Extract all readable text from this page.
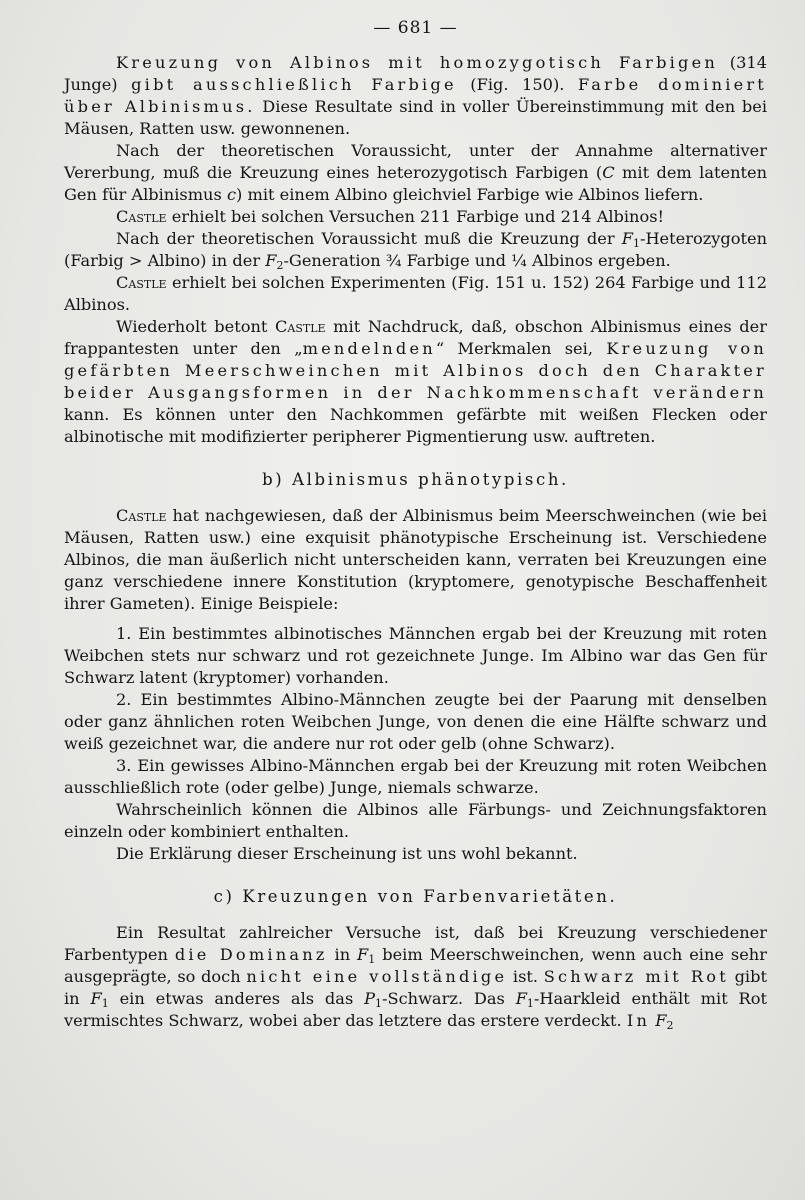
— 681 —

Kreuzung von Albinos mit homozygotisch Farbigen (314 Junge) gibt ausschließlich Farbige (Fig. 150). Farbe dominiert über Albinismus. Diese Resultate sind in voller Übereinstimmung mit den bei Mäusen, Ratten usw. gewonnenen.

Nach der theoretischen Voraussicht, unter der Annahme alternativer Vererbung, muß die Kreuzung eines heterozygotisch Farbigen (C mit dem latenten Gen für Albinismus c) mit einem Albino gleichviel Farbige wie Albinos liefern.

Castle erhielt bei solchen Versuchen 211 Farbige und 214 Albinos!

Nach der theoretischen Voraussicht muß die Kreuzung der $F_1$-Heterozygoten (Farbig > Albino) in der $F_2$-Generation ¾ Farbige und ¼ Albinos ergeben.

Castle erhielt bei solchen Experimenten (Fig. 151 u. 152) 264 Farbige und 112 Albinos.

Wiederholt betont Castle mit Nachdruck, daß, obschon Albinismus eines der frappantesten unter den „mendelnden“ Merkmalen sei, Kreuzung von gefärbten Meerschweinchen mit Albinos doch den Charakter beider Ausgangsformen in der Nachkommenschaft verändern kann. Es können unter den Nachkommen gefärbte mit weißen Flecken oder albinotische mit modifizierter peripherer Pigmentierung usw. auftreten.

b) Albinismus phänotypisch.

Castle hat nachgewiesen, daß der Albinismus beim Meerschweinchen (wie bei Mäusen, Ratten usw.) eine exquisit phänotypische Erscheinung ist. Verschiedene Albinos, die man äußerlich nicht unterscheiden kann, verraten bei Kreuzungen eine ganz verschiedene innere Konstitution (kryptomere, genotypische Beschaffenheit ihrer Gameten). Einige Beispiele:

1. Ein bestimmtes albinotisches Männchen ergab bei der Kreuzung mit roten Weibchen stets nur schwarz und rot gezeichnete Junge. Im Albino war das Gen für Schwarz latent (kryptomer) vorhanden.

2. Ein bestimmtes Albino-Männchen zeugte bei der Paarung mit denselben oder ganz ähnlichen roten Weibchen Junge, von denen die eine Hälfte schwarz und weiß gezeichnet war, die andere nur rot oder gelb (ohne Schwarz).

3. Ein gewisses Albino-Männchen ergab bei der Kreuzung mit roten Weibchen ausschließlich rote (oder gelbe) Junge, niemals schwarze.

Wahrscheinlich können die Albinos alle Färbungs- und Zeichnungsfaktoren einzeln oder kombiniert enthalten.

Die Erklärung dieser Erscheinung ist uns wohl bekannt.

c) Kreuzungen von Farbenvarietäten.

Ein Resultat zahlreicher Versuche ist, daß bei Kreuzung verschiedener Farbentypen die Dominanz in $F_1$ beim Meerschweinchen, wenn auch eine sehr ausgeprägte, so doch nicht eine vollständige ist. Schwarz mit Rot gibt in $F_1$ ein etwas anderes als das $P_1$-Schwarz. Das $F_1$-Haarkleid enthält mit Rot vermischtes Schwarz, wobei aber das letztere das erstere verdeckt. In $F_2$
